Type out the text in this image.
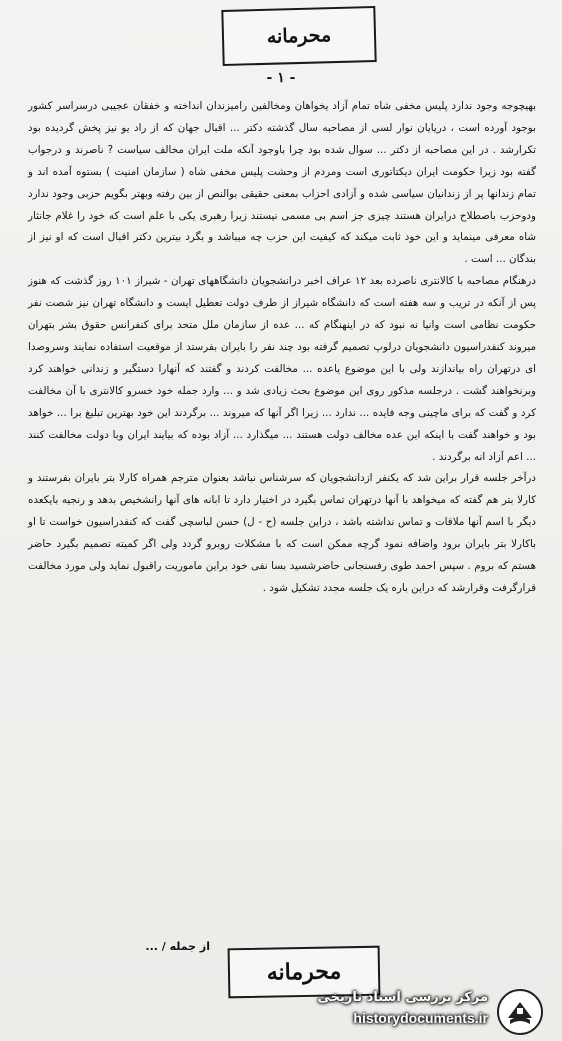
محرمانه
- ۱ -

بهیچوجه وجود ندارد پلیس مخفی شاه تمام آزاد یخواهان ومخالفین رامیزندان انداخته و خفقان عجیبی درسراسر کشور بوجود آورده است ، دریایان نوار لسی از مصاحبه سال گذشته دکتر ... اقبال جهان که از راد یو نیز پخش گردیده بود تکرارشد . در این مصاحبه از دکتر ... سوال شده بود چرا باوجود آنکه ملت ایران مخالف سیاست ? ناصرند و درجواب گفته بود زیرا حکومت ایران دیکتاتوری است ومردم از وحشت پلیس مخفی شاه ( سازمان امنیت ) بستوه آمده اند و تمام زندانها پر از زندانیان سیاسی شده و آزادی احزاب بمعنی حقیقی بوالنص از بین رفته وبهتر بگویم حزبی وجود ندارد ودوحزب باصطلاح درایران هستند چیزی جز اسم بی مسمی نیستند زیرا رهبری یکی با علم است که خود را غلام جانثار شاه معرفی مینماید و این خود ثابت میکند که کیفیت این حزب چه میباشد و بگرد بیترین دکتر اقبال است که او نیز از بندگان ... است .

درهنگام مصاحبه با کالانتری ناصرده بعد ۱۲ عراف اخبر درانشجویان دانشگاههای تهران - شیراز ۱۰۱ روز گذشت که هنوز پس از آنکه در تریب و سه هفته است که دانشگاه شیراز از طرف دولت تعطیل ایست و دانشگاه تهران نیز شصت نفر حکومت نظامی است وانیا نه نبود که در اینهنگام که ... عده از سازمان ملل متحد برای کنفرانس حقوق بشر بتهران میروند کنفدراسیون دانشجویان درلوپ تصمیم گرفته بود چند نفر را بایران بفرستد از موقعیت استفاده نمایند وسروصدا ای درتهران راه بیاندازند ولی با این موضوع یاعده ... مخالفت کردند و گفتند که آنهارا دستگیر و زندانی خواهند کرد وبرنخواهند گشت . درجلسه مذکور روی این موضوع بحث زیادی شد و ... وارد جمله خود خسرو کالانتری با آن مخالفت کرد و گفت که برای ماچینی وجه فایده ... ندارد ... زیرا اگر آنها که میروند ... برگردند این خود بهترین تبلیغ برا ... خواهد بود و خواهند گفت با اینکه این عده مخالف دولت هستند ... میگذارد ... آزاد بوده که بیایند ایران وبا دولت مخالفت کنند ... اعم آزاد انه برگردند .

درآخر جلسه قرار براین شد که یکنفر ازدانشجویان که سرشناس نباشد بعنوان مترجم همراه کارلا بتر بایران بفرستند و کارلا بتر هم گفته که میخواهد با آنها درتهران تماس بگیرد در اختیار دارد تا ابانه های آنها رانشخیص بدهد و رنجیه بایکعده دیگر با اسم آنها ملاقات و تماس نداشته باشد ، دراین جلسه (ح - ل) حسن لباسچی گفت که کنفدراسیون خواست تا او باکارلا بتر بایران برود واضافه نمود گرچه ممکن است که با مشکلات روبرو گردد ولی اگر کمیته تصمیم بگیرد حاضر هستم که بروم . سپس احمد طوی رفسنجانی حاضرشسید بسا نفی خود براین ماموریت راقبول نماید ولی مورد مخالفت قرارگرفت وقرارشد که دراین باره یک جلسه مجدد تشکیل شود .

از جمله / ...
محرمانه
مرکز بررسی اسناد تاریخی
historydocuments.ir
